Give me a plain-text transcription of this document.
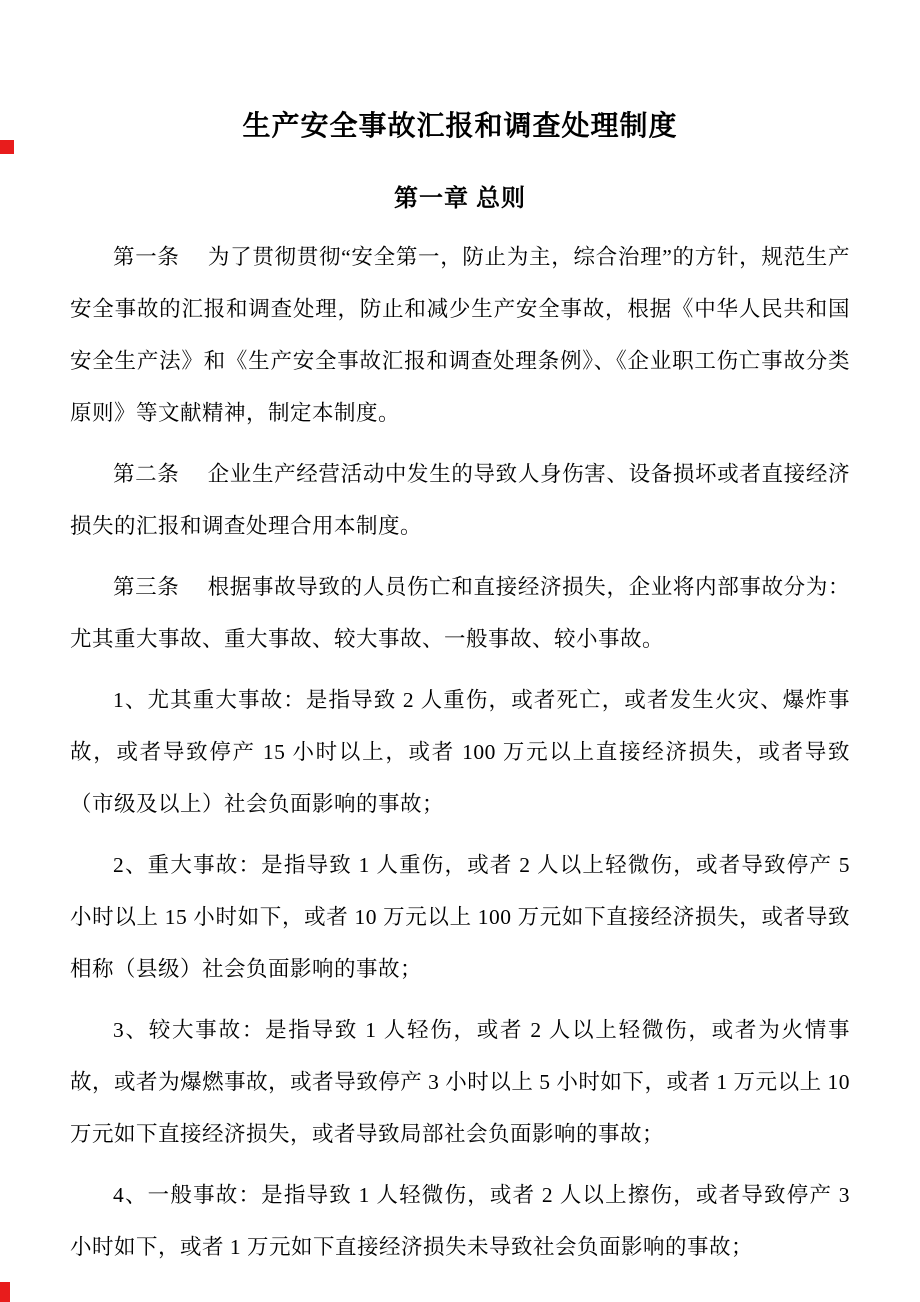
生产安全事故汇报和调查处理制度
第一章 总则

第一条　 为了贯彻贯彻“安全第一，防止为主，综合治理”的方针，规范生产安全事故的汇报和调查处理，防止和减少生产安全事故，根据《中华人民共和国安全生产法》和《生产安全事故汇报和调查处理条例》、《企业职工伤亡事故分类原则》等文献精神，制定本制度。

第二条　 企业生产经营活动中发生的导致人身伤害、设备损坏或者直接经济损失的汇报和调查处理合用本制度。

第三条　 根据事故导致的人员伤亡和直接经济损失，企业将内部事故分为：尤其重大事故、重大事故、较大事故、一般事故、较小事故。

1、尤其重大事故：是指导致 2 人重伤，或者死亡，或者发生火灾、爆炸事故，或者导致停产 15 小时以上，或者 100 万元以上直接经济损失，或者导致（市级及以上）社会负面影响的事故；

2、重大事故：是指导致 1 人重伤，或者 2 人以上轻微伤，或者导致停产 5 小时以上 15 小时如下，或者 10 万元以上 100 万元如下直接经济损失，或者导致相称（县级）社会负面影响的事故；

3、较大事故：是指导致 1 人轻伤，或者 2 人以上轻微伤，或者为火情事故，或者为爆燃事故，或者导致停产 3 小时以上 5 小时如下，或者 1 万元以上 10 万元如下直接经济损失，或者导致局部社会负面影响的事故；

4、一般事故：是指导致 1 人轻微伤，或者 2 人以上擦伤，或者导致停产 3 小时如下，或者 1 万元如下直接经济损失未导致社会负面影响的事故；
